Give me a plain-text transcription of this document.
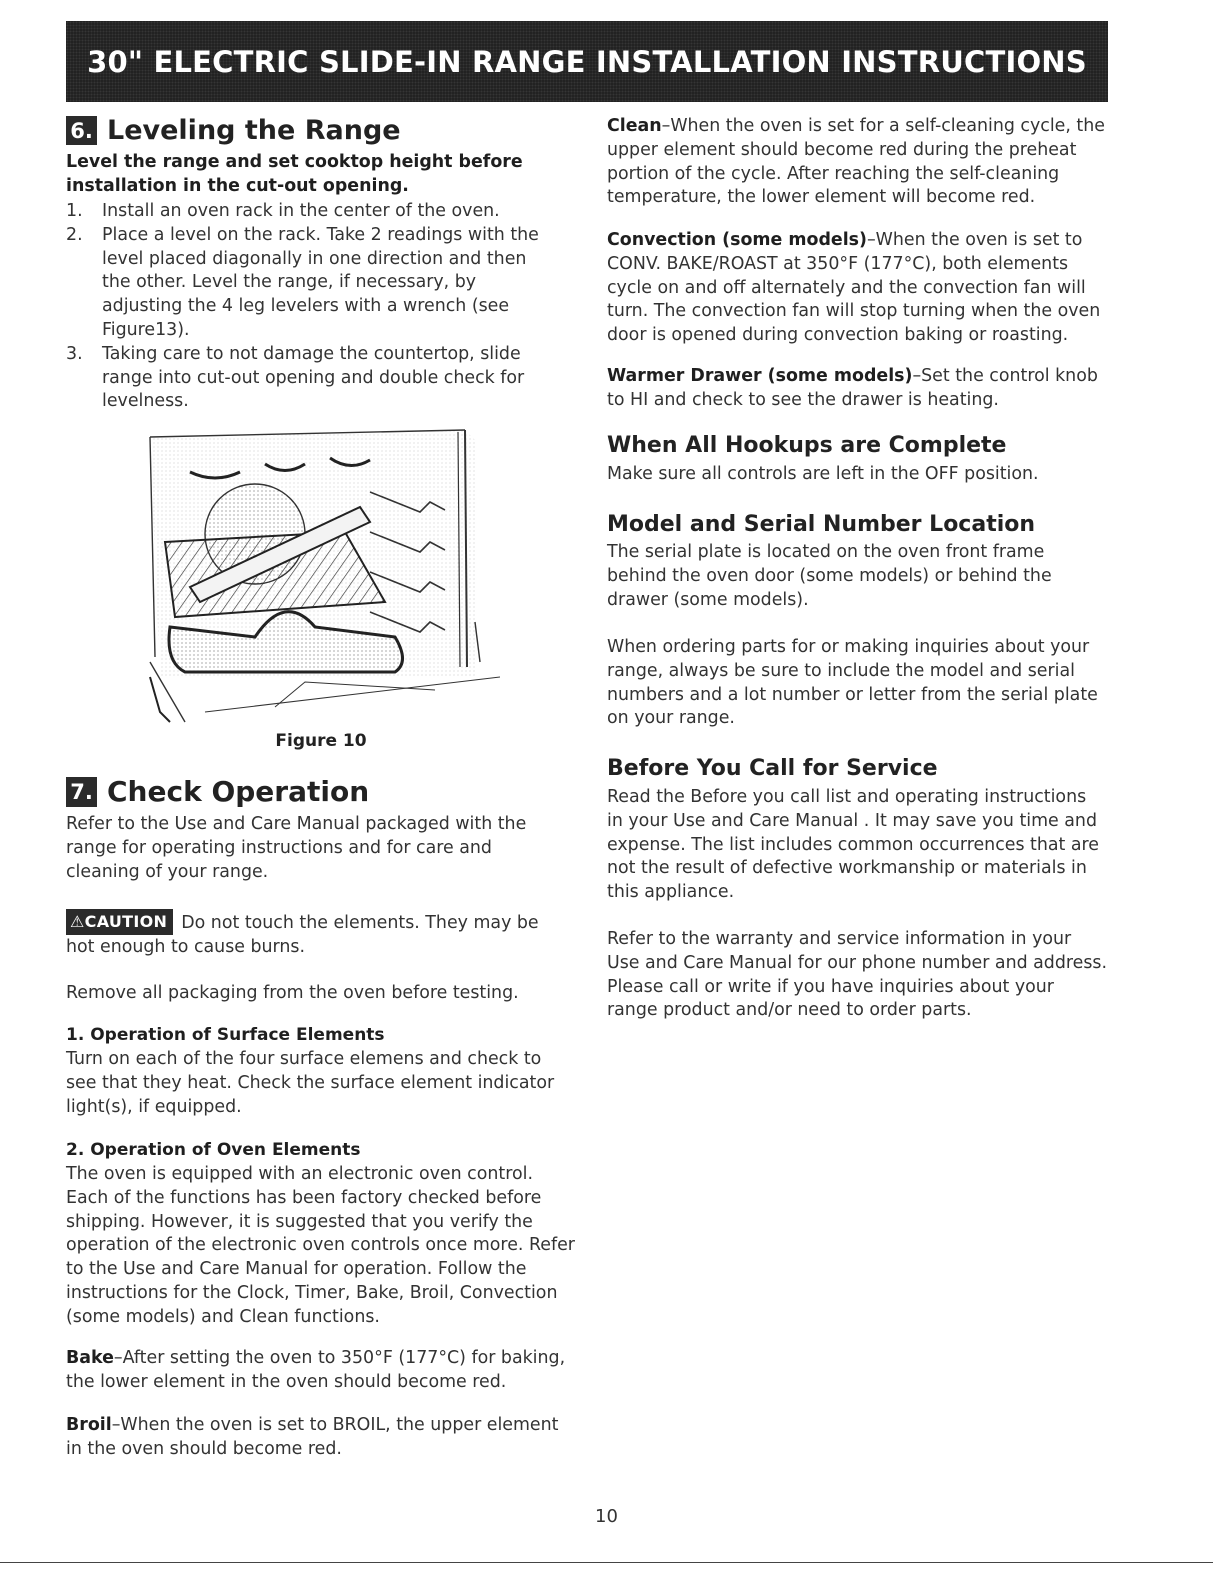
30" ELECTRIC SLIDE-IN RANGE INSTALLATION INSTRUCTIONS
6. Leveling the Range

Level the range and set cooktop height before installation in the cut-out opening.

1. Install an oven rack in the center of the oven.
2. Place a level on the rack. Take 2 readings with the level placed diagonally in one direction and then the other. Level the range, if necessary, by adjusting the 4 leg levelers with a wrench (see Figure13).
3. Taking care to not damage the countertop, slide range into cut-out opening and double check for levelness.
Figure 10
7. Check Operation

Refer to the Use and Care Manual packaged with the range for operating instructions and for care and cleaning of your range.

⚠CAUTION Do not touch the elements. They may be hot enough to cause burns.

Remove all packaging from the oven before testing.

1. Operation of Surface Elements

Turn on each of the four surface elemens and check to see that they heat. Check the surface element indicator light(s), if equipped.

2. Operation of Oven Elements

The oven is equipped with an electronic oven control. Each of the functions has been factory checked before shipping. However, it is suggested that you verify the operation of the electronic oven controls once more. Refer to the Use and Care Manual for operation. Follow the instructions for the Clock, Timer, Bake, Broil, Convection (some models) and Clean functions.

Bake–After setting the oven to 350°F (177°C) for baking, the lower element in the oven should become red.

Broil–When the oven is set to BROIL, the upper element in the oven should become red.

Clean–When the oven is set for a self-cleaning cycle, the upper element should become red during the preheat portion of the cycle. After reaching the self-cleaning temperature, the lower element will become red.

Convection (some models)–When the oven is set to CONV. BAKE/ROAST at 350°F (177°C), both elements cycle on and off alternately and the convection fan will turn. The convection fan will stop turning when the oven door is opened during convection baking or roasting.

Warmer Drawer (some models)–Set the control knob to HI and check to see the drawer is heating.

When All Hookups are Complete

Make sure all controls are left in the OFF position.

Model and Serial Number Location

The serial plate is located on the oven front frame behind the oven door (some models) or behind the drawer (some models).

When ordering parts for or making inquiries about your range, always be sure to include the model and serial numbers and a lot number or letter from the serial plate on your range.

Before You Call for Service

Read the Before you call list and operating instructions in your Use and Care Manual . It may save you time and expense. The list includes common occurrences that are not the result of defective workmanship or materials in this appliance.

Refer to the warranty and service information in your Use and Care Manual for our phone number and address. Please call or write if you have inquiries about your range product and/or need to order parts.

10
